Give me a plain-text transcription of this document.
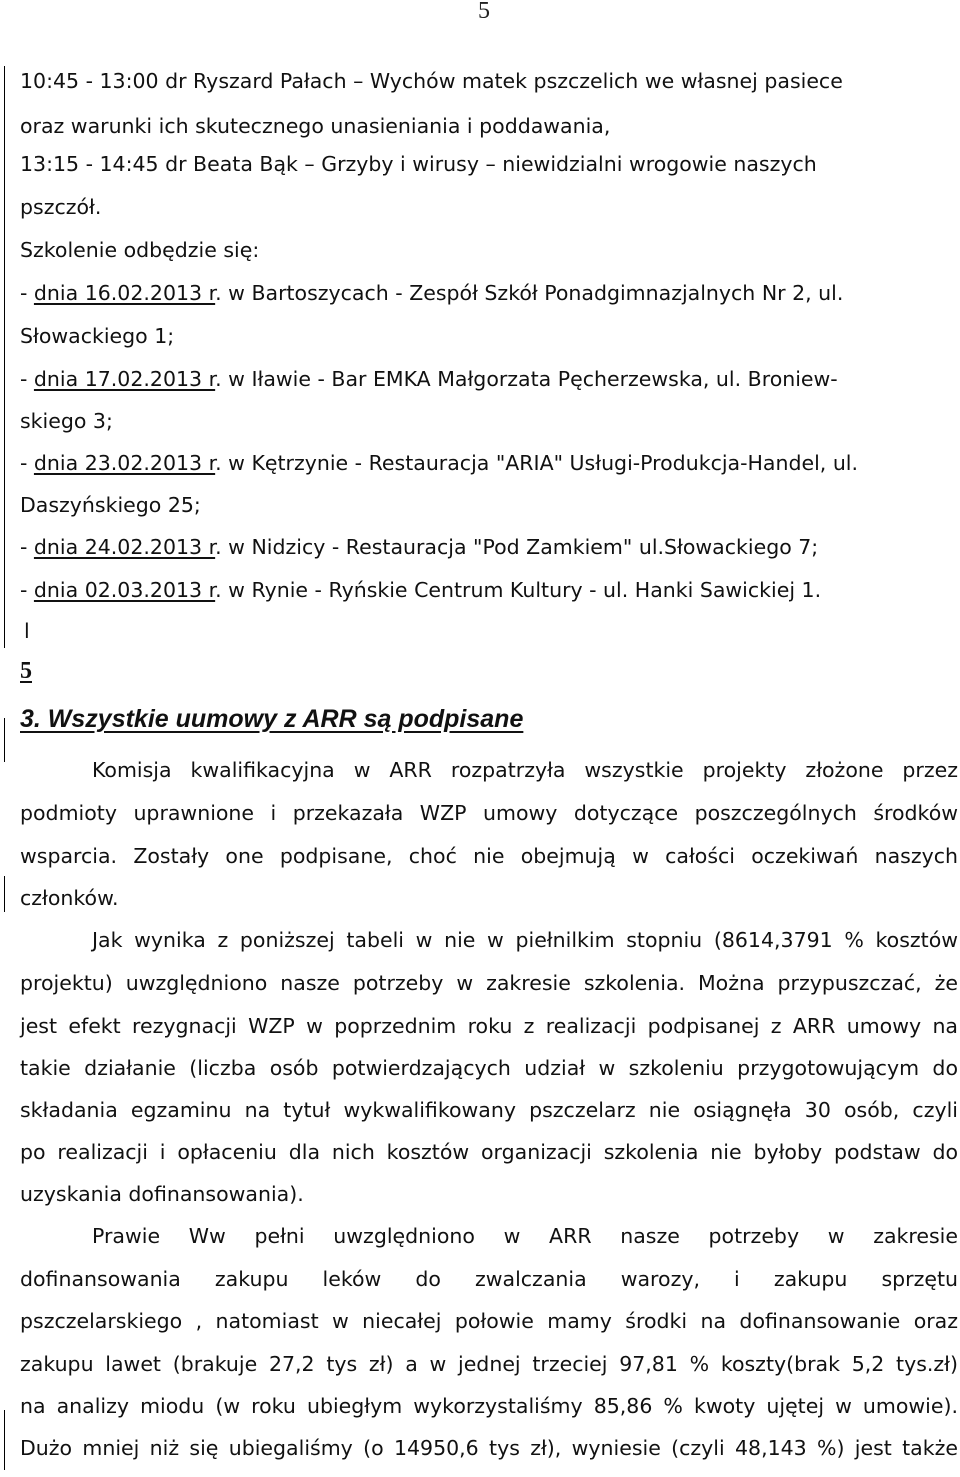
5
10:45 - 13:00 dr Ryszard Pałach – Wychów matek pszczelich we własnej pasiece
oraz warunki ich skutecznego unasieniania i poddawania,
13:15 - 14:45 dr Beata Bąk – Grzyby i wirusy – niewidzialni wrogowie naszych
pszczół.
Szkolenie odbędzie się:
- dnia 16.02.2013 r. w Bartoszycach - Zespół Szkół Ponadgimnazjalnych Nr 2, ul.
Słowackiego 1;
- dnia 17.02.2013 r. w Iławie - Bar EMKA Małgorzata Pęcherzewska, ul. Broniew-
skiego 3;
- dnia 23.02.2013 r. w Kętrzynie - Restauracja "ARIA" Usługi-Produkcja-Handel, ul.
Daszyńskiego 25;
- dnia 24.02.2013 r. w Nidzicy - Restauracja "Pod Zamkiem" ul.Słowackiego 7;
- dnia 02.03.2013 r. w Rynie - Ryńskie Centrum Kultury - ul. Hanki Sawickiej 1.
l
5
3. Wszystkie uumowy z ARR są podpisane
Komisja kwalifikacyjna w ARR rozpatrzyła wszystkie projekty złożone przez
podmioty uprawnione i przekazała WZP umowy dotyczące poszczególnych środków
wsparcia. Zostały one podpisane, choć nie obejmują w całości oczekiwań naszych
członków.
Jak wynika z poniższej tabeli w nie w piełnilkim stopniu (8614,3791 % kosztów
projektu) uwzględniono nasze potrzeby w zakresie szkolenia. Można przypuszczać, że
jest efekt rezygnacji WZP w poprzednim roku z realizacji podpisanej z ARR umowy na
takie działanie (liczba osób potwierdzających udział w szkoleniu przygotowującym do
składania egzaminu na tytuł wykwalifikowany pszczelarz nie osiągnęła 30 osób, czyli
po realizacji i opłaceniu dla nich kosztów organizacji szkolenia nie byłoby podstaw do
uzyskania dofinansowania).
Prawie Ww pełni uwzględniono w ARR nasze potrzeby w zakresie
dofinansowania zakupu leków do zwalczania warozy, i zakupu sprzętu
pszczelarskiego , natomiast w niecałej połowie mamy środki na dofinansowanie oraz
zakupu lawet (brakuje 27,2 tys zł) a w jednej trzeciej 97,81 % koszty(brak 5,2 tys.zł)
na analizy miodu (w roku ubiegłym wykorzystaliśmy 85,86 % kwoty ujętej w umowie).
Dużo mniej niż się ubiegaliśmy (o 14950,6 tys zł), wyniesie (czyli 48,143 %) jest także
